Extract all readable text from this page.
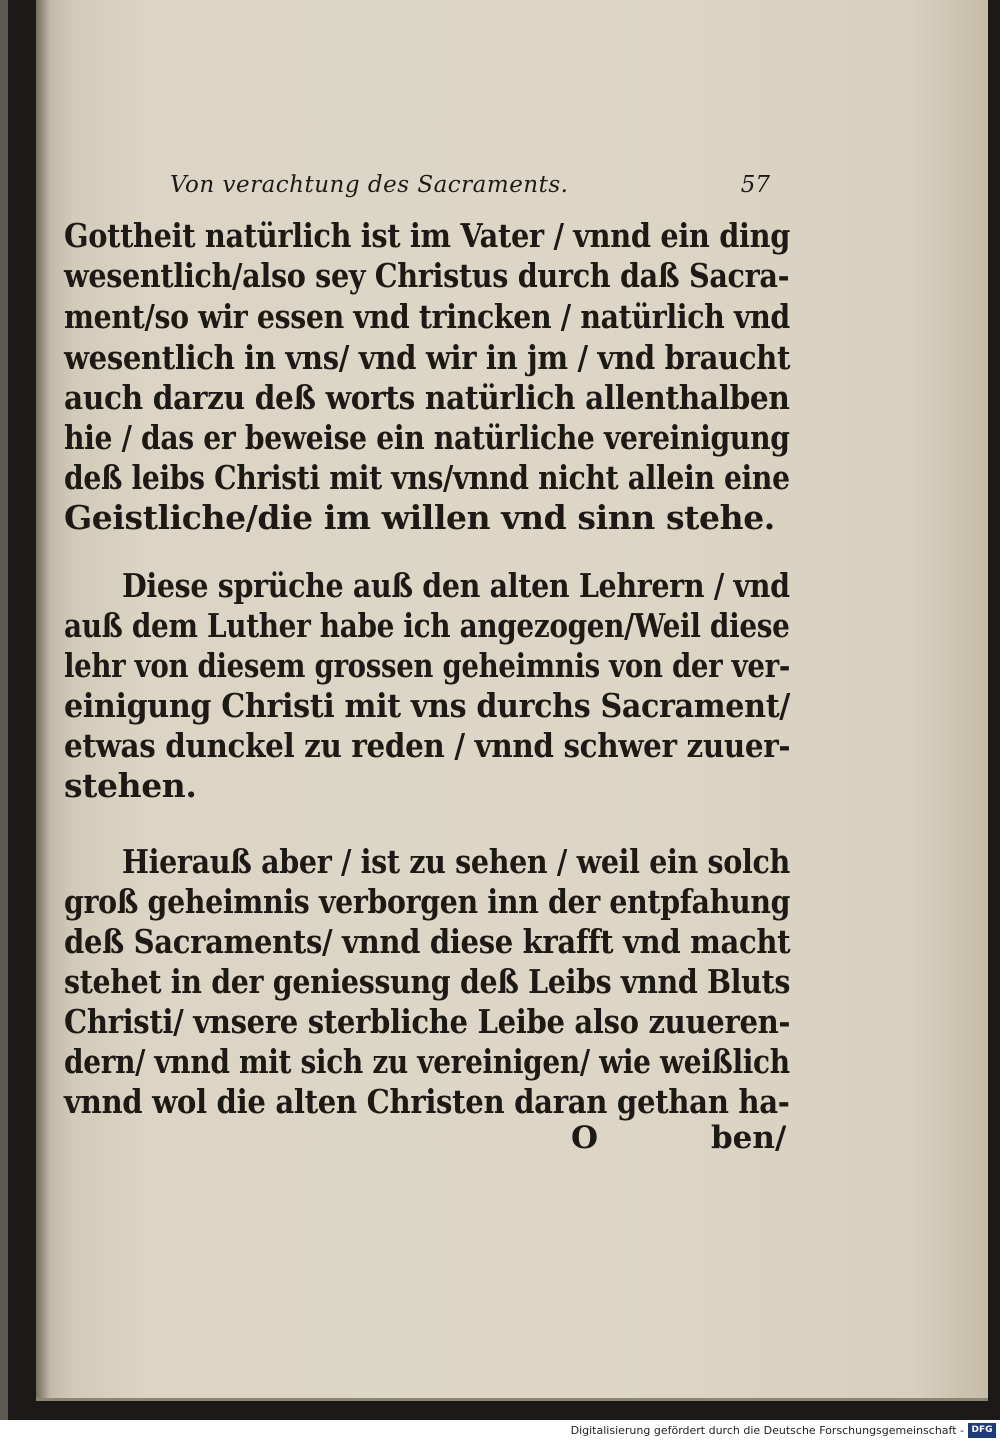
Von verachtung des Sacraments.	57
Gottheit natürlich ist im Vater / vnnd ein ding
wesentlich/also sey Christus durch daß Sacra-
ment/so wir essen vnd trincken / natürlich vnd
wesentlich in vns/ vnd wir in jm / vnd braucht
auch darzu deß worts natürlich allenthalben
hie / das er beweise ein natürliche vereinigung
deß leibs Christi mit vns/vnnd nicht allein eine
Geistliche/die im willen vnd sinn stehe.
Diese sprüche auß den alten Lehrern / vnd
auß dem Luther habe ich angezogen/Weil diese
lehr von diesem grossen geheimnis von der ver-
einigung Christi mit vns durchs Sacrament/
etwas dunckel zu reden / vnnd schwer zuuer-
stehen.
Hierauß aber / ist zu sehen / weil ein solch
groß geheimnis verborgen inn der entpfahung
deß Sacraments/ vnnd diese krafft vnd macht
stehet in der geniessung deß Leibs vnnd Bluts
Christi/ vnsere sterbliche Leibe also zuueren-
dern/ vnnd mit sich zu vereinigen/ wie weißlich
vnnd wol die alten Christen daran gethan ha-
O	ben/
Digitalisierung gefördert durch die Deutsche Forschungsgemeinschaft - DFG
